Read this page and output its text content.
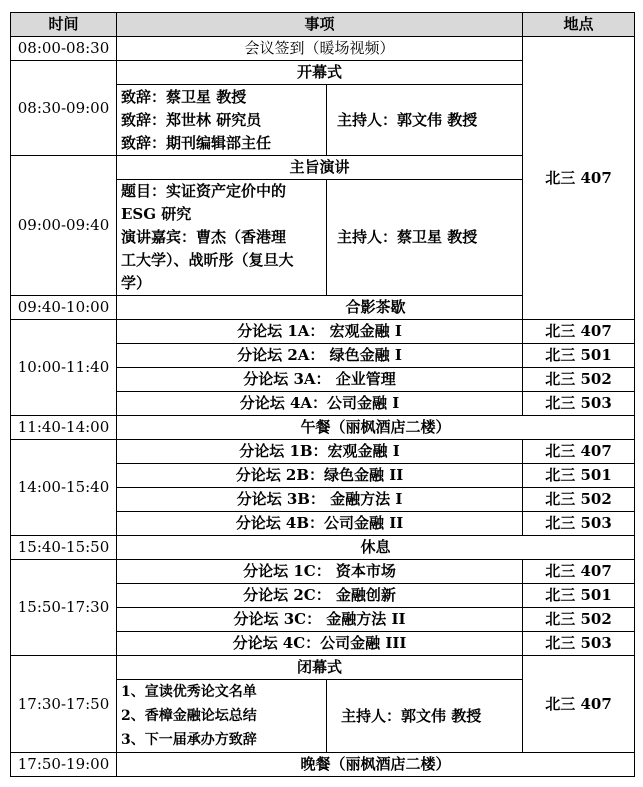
时间	事项		地点
08:00-08:30	会议签到（暖场视频）		北三 407
08:30-09:00	开幕式		

	致辞：蔡卫星 教授
致辞：郑世林 研究员
致辞：期刊编辑部主任	主持人：郭文伟 教授	
09:00-09:40	主旨演讲		

	题目：实证资产定价中的
ESG 研究
演讲嘉宾：曹杰（香港理
工大学）、战昕彤（复旦大
学）	主持人：蔡卫星 教授	
09:40-10:00	合影茶歇		
10:00-11:40	分论坛 1A： 宏观金融 I		北三 407
	分论坛 2A： 绿色金融 I		北三 501
	分论坛 3A： 企业管理		北三 502
	分论坛 4A：公司金融 I		北三 503
11:40-14:00	午餐（丽枫酒店二楼）		
14:00-15:40	分论坛 1B：宏观金融 I		北三 407
	分论坛 2B：绿色金融 II		北三 501
	分论坛 3B： 金融方法 I		北三 502
	分论坛 4B：公司金融 II		北三 503
15:40-15:50	休息		
15:50-17:30	分论坛 1C： 资本市场		北三 407
	分论坛 2C： 金融创新		北三 501
	分论坛 3C： 金融方法 II		北三 502
	分论坛 4C：公司金融 III		北三 503
17:30-17:50	闭幕式		北三 407

	1、宣读优秀论文名单
2、香樟金融论坛总结
3、下一届承办方致辞	主持人：郭文伟 教授	
17:50-19:00	晚餐（丽枫酒店二楼）		
